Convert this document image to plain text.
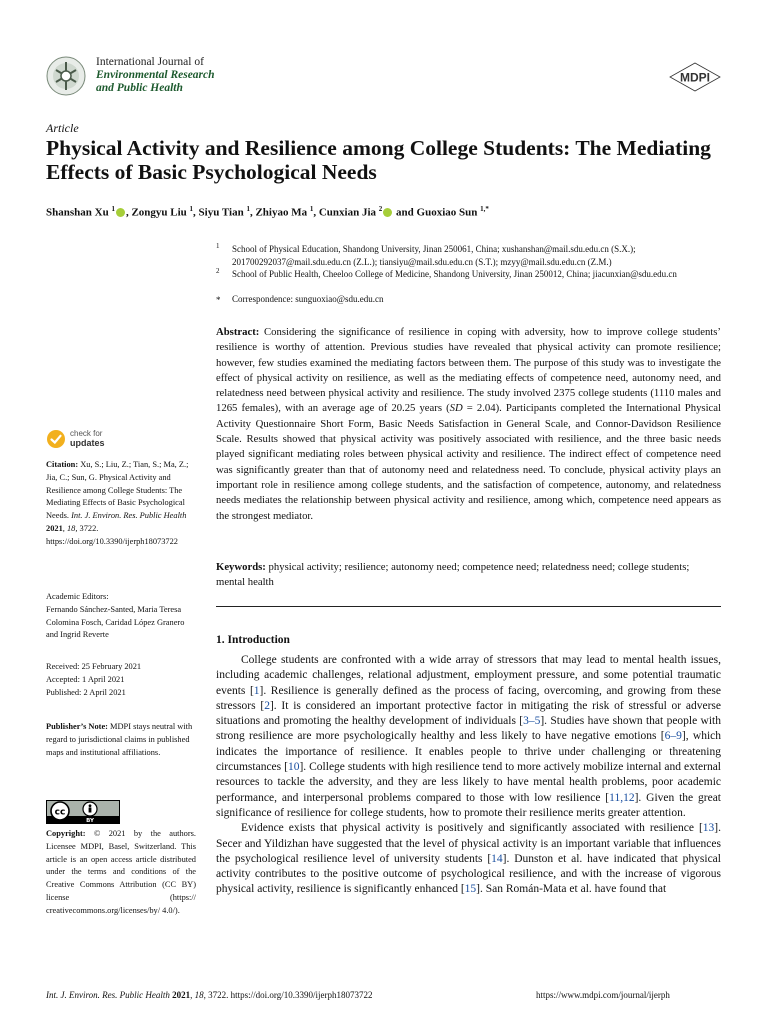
International Journal of
Environmental Research
and Public Health
MDPI
Article
Physical Activity and Resilience among College Students: The Mediating Effects of Basic Psychological Needs
Shanshan Xu $^1$ , Zongyu Liu $^1$, Siyu Tian $^1$, Zhiyao Ma $^1$, Cunxian Jia $^2$ and Guoxiao Sun $^{1,*}$
1 School of Physical Education, Shandong University, Jinan 250061, China; xushanshan@mail.sdu.edu.cn (S.X.); 201700292037@mail.sdu.edu.cn (Z.L.); tiansiyu@mail.sdu.edu.cn (S.T.); mzyy@mail.sdu.edu.cn (Z.M.)
2 School of Public Health, Cheeloo College of Medicine, Shandong University, Jinan 250012, China; jiacunxian@sdu.edu.cn
* Correspondence: sunguoxiao@sdu.edu.cn
Abstract: Considering the significance of resilience in coping with adversity, how to improve college students’ resilience is worthy of attention. Previous studies have revealed that physical activity can promote resilience; however, few studies examined the mediating factors between them. The purpose of this study was to investigate the effect of physical activity on resilience, as well as the mediating effects of competence need, autonomy need, and relatedness need between physical activity and resilience. The study involved 2375 college students (1110 males and 1265 females), with an average age of 20.25 years (SD = 2.04). Participants completed the International Physical Activity Questionnaire Short Form, Basic Needs Satisfaction in General Scale, and Connor-Davidson Resilience Scale. Results showed that physical activity was positively associated with resilience, and the three basic needs played significant mediating roles between physical activity and resilience. The indirect effect of competence need was significantly greater than that of autonomy need and relatedness need. To conclude, physical activity plays an important role in resilience among college students, and the satisfaction of competence, autonomy, and relatedness needs mediates the relationship between physical activity and resilience, among which, competence need appears as the strongest mediator.
Keywords: physical activity; resilience; autonomy need; competence need; relatedness need; college students; mental health
check for
updates
Citation: Xu, S.; Liu, Z.; Tian, S.; Ma, Z.; Jia, C.; Sun, G. Physical Activity and Resilience among College Students: The Mediating Effects of Basic Psychological Needs. Int. J. Environ. Res. Public Health 2021, 18, 3722. https://doi.org/10.3390/ijerph18073722
Academic Editors:
Fernando Sánchez-Santed, Maria Teresa Colomina Fosch, Caridad López Granero and Ingrid Reverte
Received: 25 February 2021
Accepted: 1 April 2021
Published: 2 April 2021
Publisher’s Note: MDPI stays neutral with regard to jurisdictional claims in published maps and institutional affiliations.
cc
BY
Copyright: © 2021 by the authors. Licensee MDPI, Basel, Switzerland. This article is an open access article distributed under the terms and conditions of the Creative Commons Attribution (CC BY) license (https:// creativecommons.org/licenses/by/ 4.0/).
1. Introduction

College students are confronted with a wide array of stressors that may lead to mental health issues, including academic challenges, relational adjustment, employment pressure, and some potential traumatic events [1]. Resilience is generally defined as the process of facing, overcoming, and growing from these stressors [2]. It is considered an important protective factor in mitigating the risk of stressful or adverse situations and promoting the healthy development of individuals [3–5]. Studies have shown that people with strong resilience are more psychologically healthy and less likely to have negative emotions [6–9], which indicates the importance of resilience. It enables people to thrive under challenging or threatening circumstances [10]. College students with high resilience tend to more actively mobilize internal and external resources to tackle the adversity, and they are less likely to have mental health problems, poor academic performance, and interpersonal problems compared to those with low resilience [11,12]. Given the great significance of resilience for college students, how to promote their resilience merits greater attention.

Evidence exists that physical activity is positively and significantly associated with resilience [13]. Secer and Yildizhan have suggested that the level of physical activity is an important variable that influences the psychological resilience level of university students [14]. Dunston et al. have indicated that physical activity contributes to the positive outcome of psychological resilience, and with the increase of vigorous physical activity, resilience is significantly enhanced [15]. San Román-Mata et al. have found that

Int. J. Environ. Res. Public Health 2021, 18, 3722. https://doi.org/10.3390/ijerph18073722	https://www.mdpi.com/journal/ijerph
